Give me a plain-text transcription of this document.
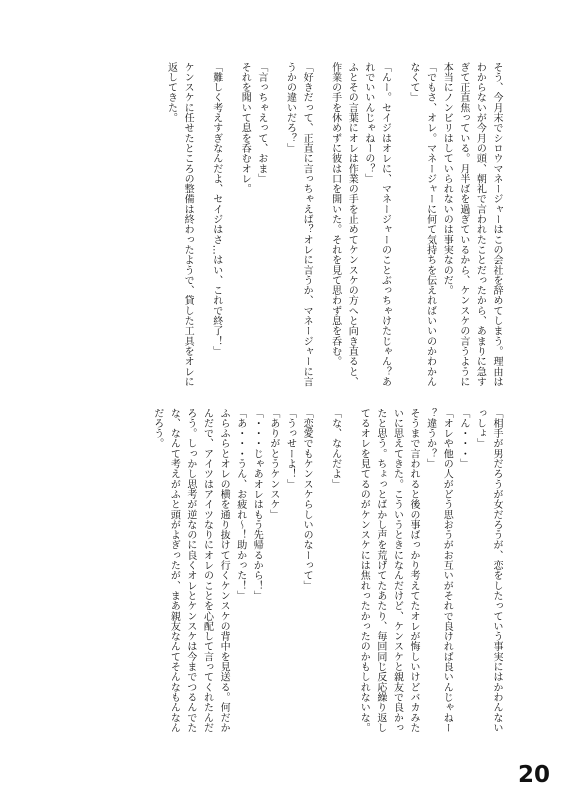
そう、今月末でシロウマネージャーはこの会社を辞めてしまう。理由はわからないが今月の頭、朝礼で言われたことだったから、あまりに急すぎて正直焦っている。月半ばを過ぎているから、ケンスケの言うように本当にノンビリはしていられないのは事実なのだ。

「でもさ、オレ。マネージャーに何て気持ちを伝えればいいのかわかんなくて」

「んー。セイジはオレに、マネージャーのことぶっちゃけたじゃん？あれでいいんじゃねーの？」

ふとその言葉にオレは作業の手を止めてケンスケの方へと向き直ると、作業の手を休めずに彼は口を開いた。それを見て思わず息を呑む。

「好きだって、正直に言っちゃえば？オレに言うか、マネージャーに言うかの違いだろ？」

「言っちゃえって、おま」

それを聞いて息を呑むオレ。

「難しく考えすぎなんだよ、セイジはさ…はい、これで終了！」

ケンスケに任せたところの整備は終わったようで、貸した工具をオレに返してきた。

「相手が男だろうが女だろうが、恋をしたっていう事実にはかわんないっしょ」

「ん・・・」

「オレや他の人がどう思おうがお互いがそれで良ければ良いんじゃねー？違うか？」

そうまで言われると後の事ばっかり考えてたオレが悔しいけどバカみたいに思えてきた。こういうときになんだけど、ケンスケと親友で良かったと思う。ちょっとばかし声を荒げてたあたり、毎回同じ反応繰り返してるオレを見てるのがケンスケには焦れったかったのかもしれないな。

「な、なんだよ」

「恋愛でもケンスケらしいのなーって」

「うっせーよ！」

「ありがとうケンスケ」

「・・・じゃあオレはもう先帰るから！」

「あ・・・うん、お疲れ～！助かった！」

ふらふらとオレの横を通り抜けて行くケンスケの背中を見送る。何だかんだで、アイツはアイツなりにオレのことを心配して言ってくれたんだろう。しっかし思考が逆なのに良くオレとケンスケは今までつるんでたな、なんて考えがふと頭がよぎったが、まあ親友なんてそんなもんなんだろう。

20
